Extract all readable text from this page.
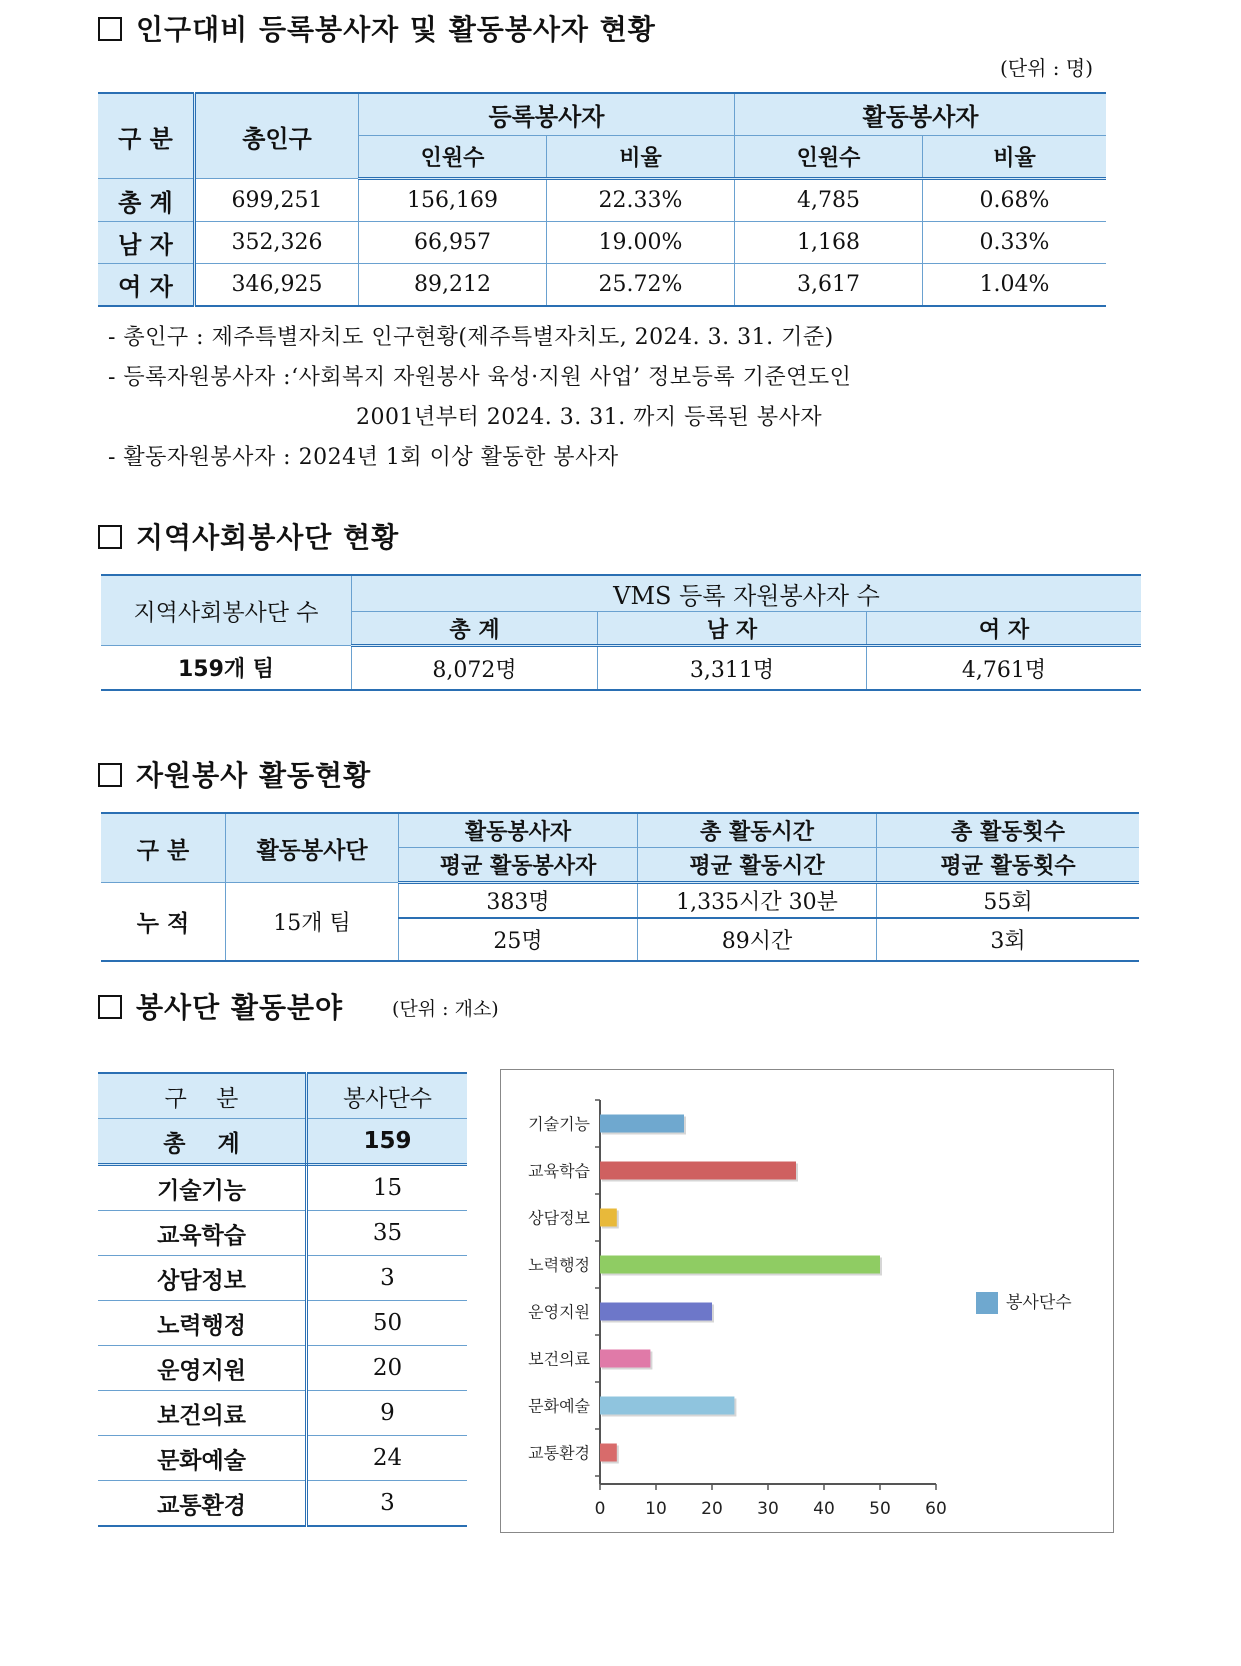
인구대비 등록봉사자 및 활동봉사자 현황
(단위 : 명)
구 분	총인구	등록봉사자		활동봉사자	
		인원수	비율	인원수	비율
총 계	699,251	156,169	22.33%	4,785	0.68%
남 자	352,326	66,957	19.00%	1,168	0.33%
여 자	346,925	89,212	25.72%	3,617	1.04%
- 총인구 : 제주특별자치도 인구현황(제주특별자치도, 2024. 3. 31. 기준)
- 등록자원봉사자 :‘사회복지 자원봉사 육성·지원 사업’ 정보등록 기준연도인
2001년부터 2024. 3. 31. 까지 등록된 봉사자
- 활동자원봉사자 : 2024년 1회 이상 활동한 봉사자
지역사회봉사단 현황
지역사회봉사단 수	VMS 등록 자원봉사자 수		
	총 계	남 자	여 자
159개 팀	8,072명	3,311명	4,761명
자원봉사 활동현황
구 분	활동봉사단	활동봉사자	총 활동시간	총 활동횟수
		평균 활동봉사자	평균 활동시간	평균 활동횟수
누 적	15개 팀	383명	1,335시간 30분	55회
		25명	89시간	3회
봉사단 활동분야	(단위 : 개소)
구    분	봉사단수
총    계	159
기술기능	15
교육학습	35
상담정보	3
노력행정	50
운영지원	20
보건의료	9
문화예술	24
교통환경	3
기술기능
교육학습
상담정보
노력행정
운영지원
보건의료
문화예술
교통환경
0 10 20 30 40 50 60
봉사단수
